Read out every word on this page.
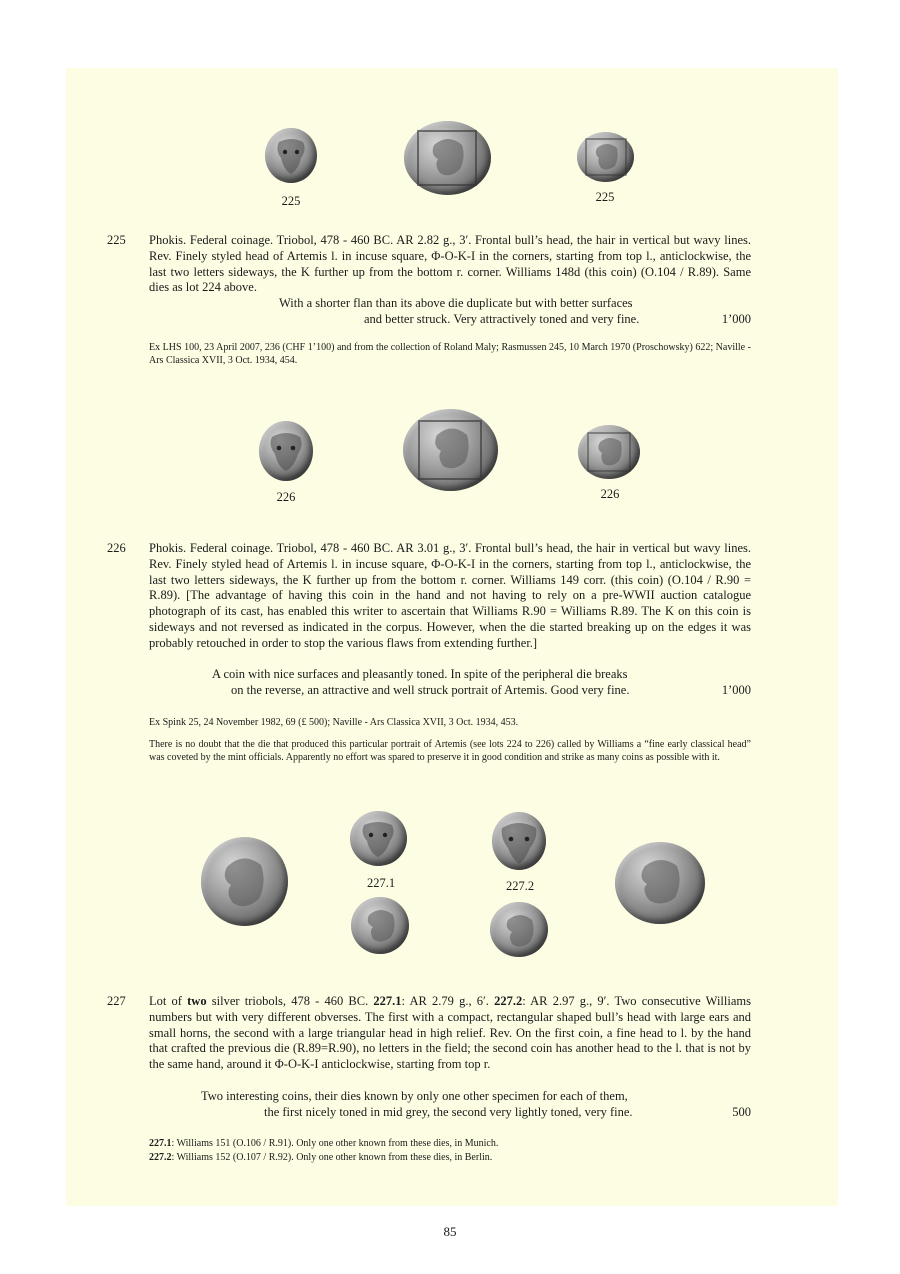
225	225
225 Phokis. Federal coinage. Triobol, 478 - 460 BC. AR 2.82 g., 3′. Frontal bull’s head, the hair in vertical but wavy lines. Rev. Finely styled head of Artemis l. in incuse square, Φ-O-K-I in the corners, starting from top l., anticlockwise, the last two letters sideways, the K further up from the bottom r. corner. Williams 148d (this coin) (O.104 / R.89). Same dies as lot 224 above.
With a shorter flan than its above die duplicate but with better surfaces
and better struck. Very attractively toned and very fine.	1’000
Ex LHS 100, 23 April 2007, 236 (CHF 1’100) and from the collection of Roland Maly; Rasmussen 245, 10 March 1970 (Proschowsky) 622; Naville - Ars Classica XVII, 3 Oct. 1934, 454.
226	226
226 Phokis. Federal coinage. Triobol, 478 - 460 BC. AR 3.01 g., 3′. Frontal bull’s head, the hair in vertical but wavy lines. Rev. Finely styled head of Artemis l. in incuse square, Φ-O-K-I in the corners, starting from top l., anticlockwise, the last two letters sideways, the K further up from the bottom r. corner. Williams 149 corr. (this coin) (O.104 / R.90 = R.89). [The advantage of having this coin in the hand and not having to rely on a pre-WWII auction catalogue photograph of its cast, has enabled this writer to ascertain that Williams R.90 = Williams R.89. The K on this coin is sideways and not reversed as indicated in the corpus. However, when the die started breaking up on the edges it was probably retouched in order to stop the various flaws from extending further.]
A coin with nice surfaces and pleasantly toned. In spite of the peripheral die breaks
on the reverse, an attractive and well struck portrait of Artemis. Good very fine.	1’000
Ex Spink 25, 24 November 1982, 69 (£ 500); Naville - Ars Classica XVII, 3 Oct. 1934, 453.
There is no doubt that the die that produced this particular portrait of Artemis (see lots 224 to 226) called by Williams a “fine early classical head” was coveted by the mint officials. Apparently no effort was spared to preserve it in good condition and strike as many coins as possible with it.
227.1	227.2
227 Lot of two silver triobols, 478 - 460 BC. 227.1: AR 2.79 g., 6′. 227.2: AR 2.97 g., 9′. Two consecutive Williams numbers but with very different obverses. The first with a compact, rectangular shaped bull’s head with large ears and small horns, the second with a large triangular head in high relief. Rev. On the first coin, a fine head to l. by the hand that crafted the previous die (R.89=R.90), no letters in the field; the second coin has another head to the l. that is not by the same hand, around it Φ-O-K-I anticlockwise, starting from top r.
Two interesting coins, their dies known by only one other specimen for each of them,
the first nicely toned in mid grey, the second very lightly toned, very fine.	500
227.1: Williams 151 (O.106 / R.91). Only one other known from these dies, in Munich.
227.2: Williams 152 (O.107 / R.92). Only one other known from these dies, in Berlin.
85
